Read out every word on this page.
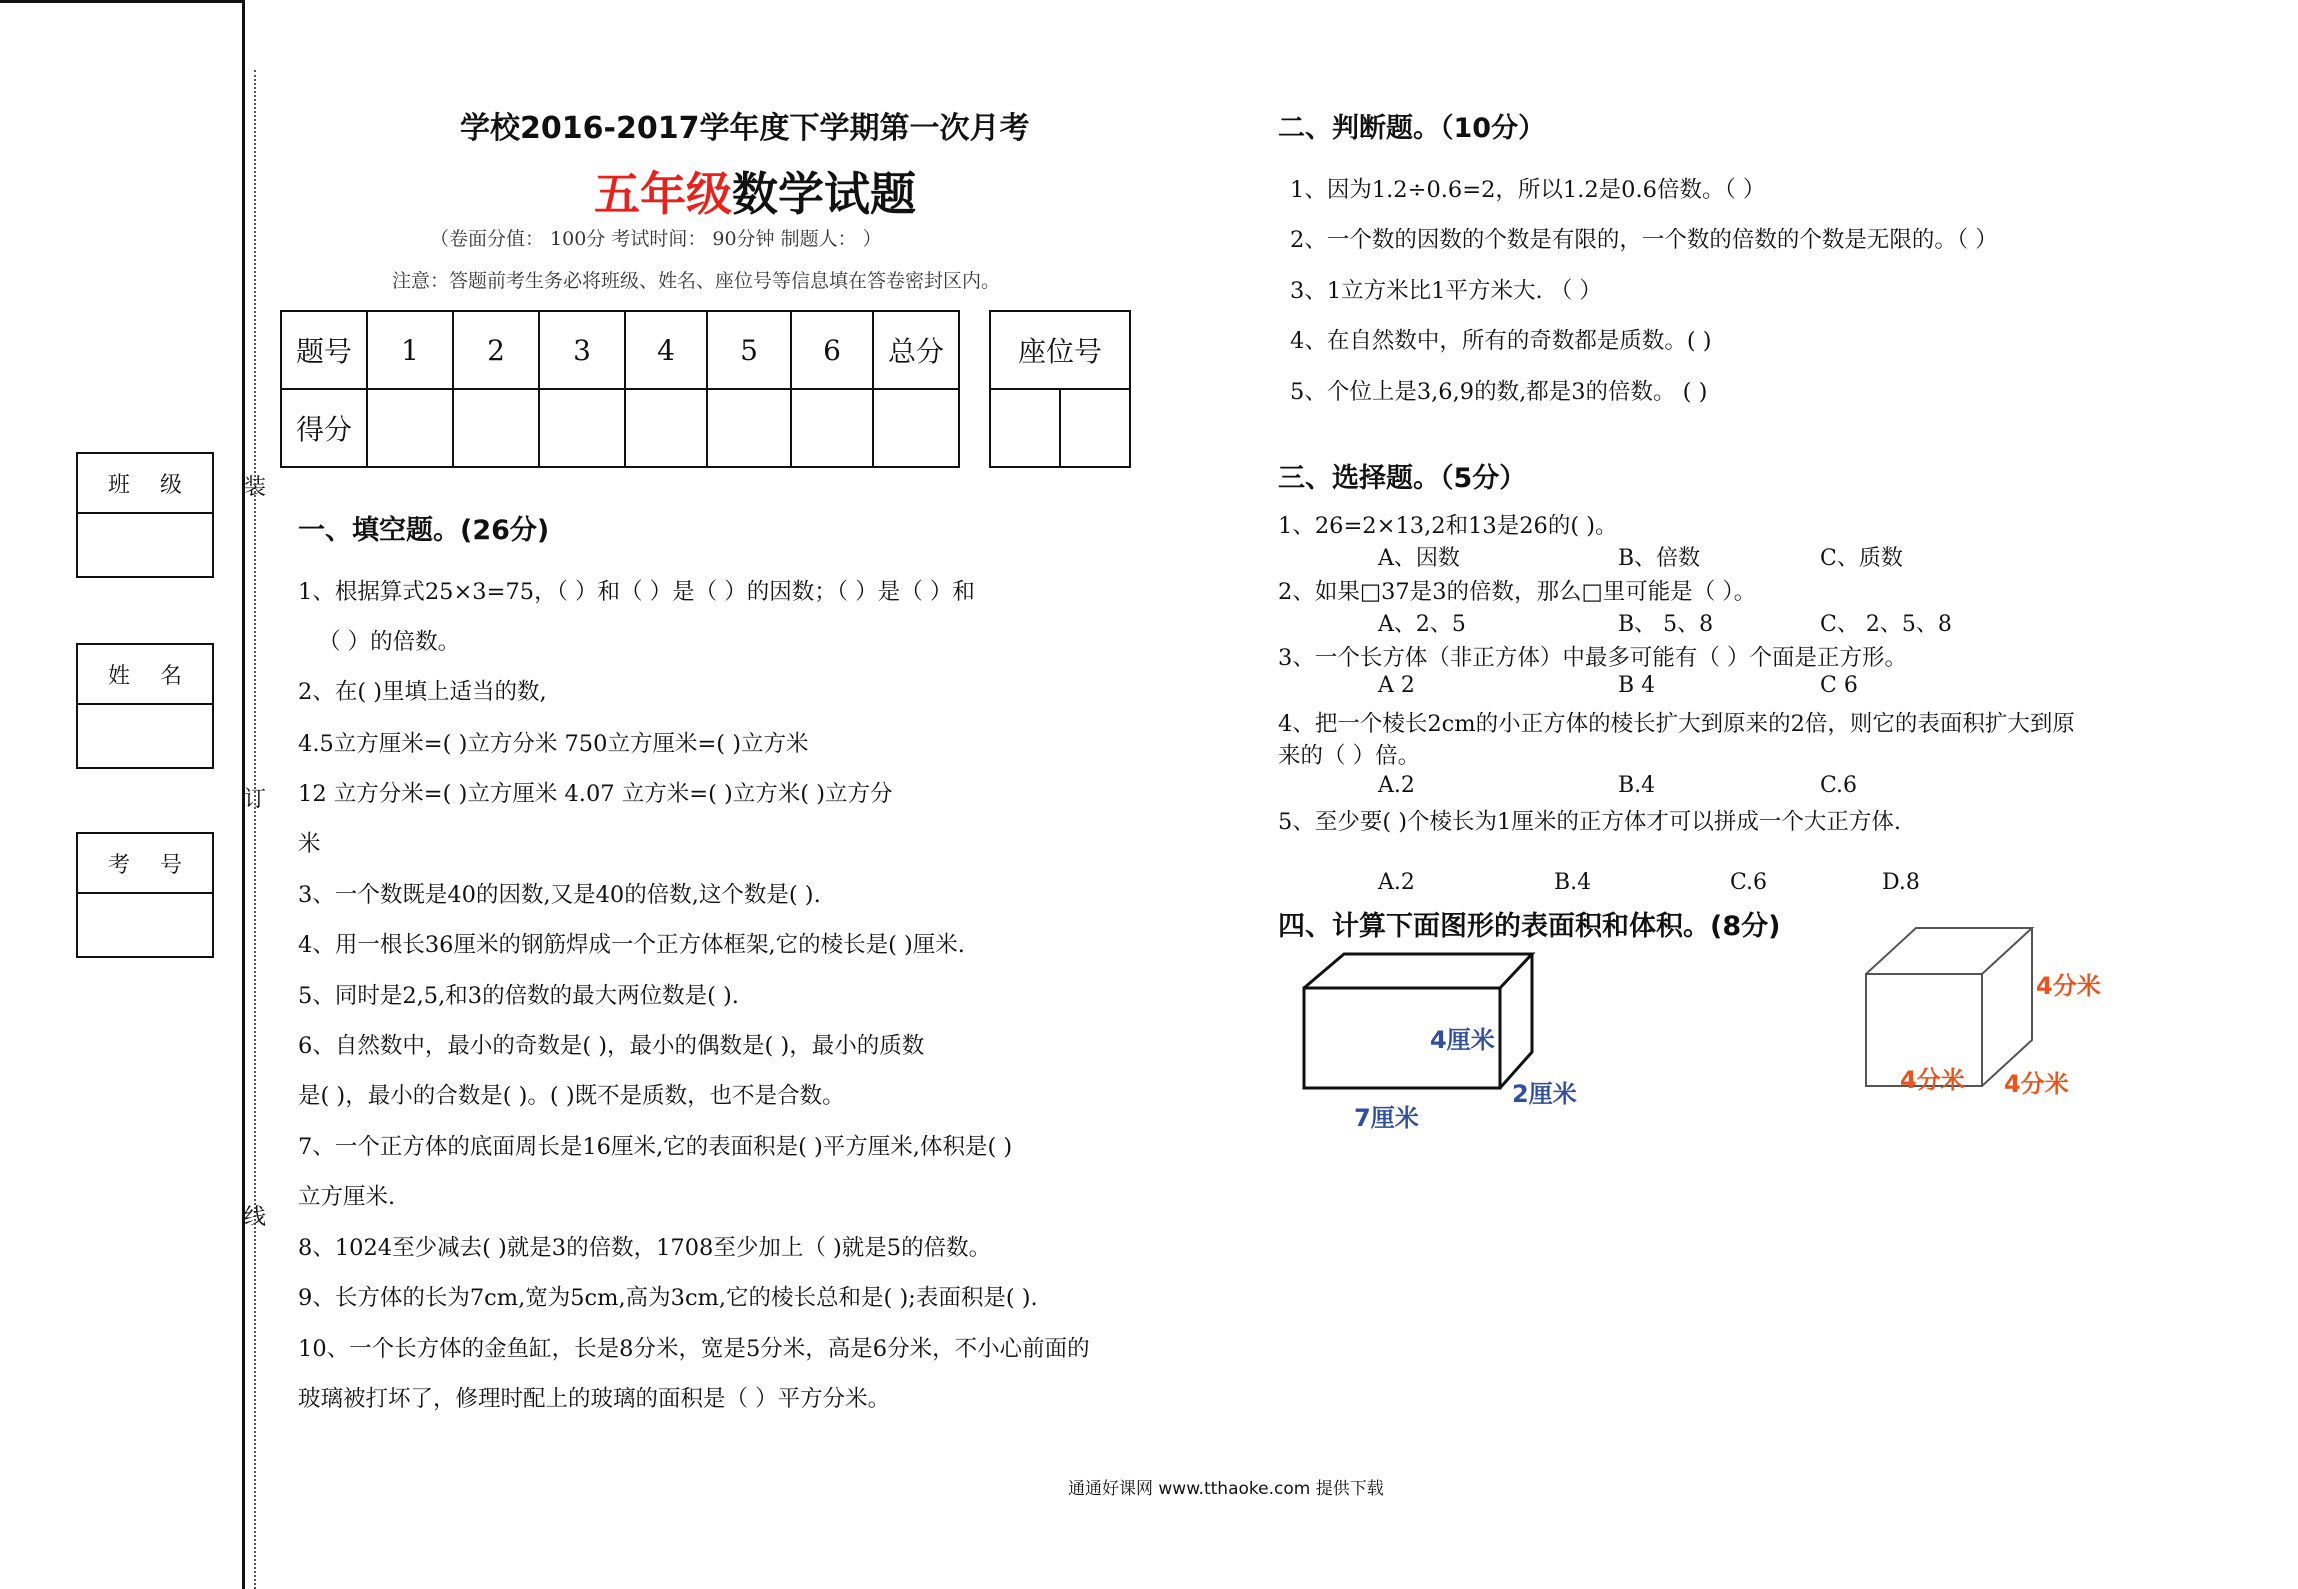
班级
姓名
考号
装
订
线
学校2016-2017学年度下学期第一次月考
五年级数学试题
（卷面分值： 100分 考试时间： 90分钟 制题人： ）
注意：答题前考生务必将班级、姓名、座位号等信息填在答卷密封区内。
题号	1	2	3	4	5	6	总分
得分							
座位号

一、填空题。(26分)
1、根据算式25×3=75，（ ）和（ ）是（ ）的因数；（ ）是（ ）和
（ ）的倍数。
2、在( )里填上适当的数,
4.5立方厘米=( )立方分米 750立方厘米=( )立方米
12 立方分米=( )立方厘米 4.07 立方米=( )立方米( )立方分
米
3、一个数既是40的因数,又是40的倍数,这个数是( ).
4、用一根长36厘米的钢筋焊成一个正方体框架,它的棱长是( )厘米.
5、同时是2,5,和3的倍数的最大两位数是( ).
6、自然数中，最小的奇数是( )，最小的偶数是( )，最小的质数
是( )，最小的合数是( )。( )既不是质数，也不是合数。
7、一个正方体的底面周长是16厘米,它的表面积是( )平方厘米,体积是( )
立方厘米.
8、1024至少减去( )就是3的倍数，1708至少加上（ )就是5的倍数。
9、长方体的长为7cm,宽为5cm,高为3cm,它的棱长总和是( );表面积是( ).
10、一个长方体的金鱼缸，长是8分米，宽是5分米，高是6分米，不小心前面的
玻璃被打坏了，修理时配上的玻璃的面积是（ ）平方分米。
二、判断题。（10分）
1、因为1.2÷0.6=2，所以1.2是0.6倍数。（ ）
2、一个数的因数的个数是有限的，一个数的倍数的个数是无限的。（ ）
3、1立方米比1平方米大. （ ）
4、在自然数中，所有的奇数都是质数。( )
5、个位上是3,6,9的数,都是3的倍数。 ( )
三、选择题。（5分）
1、26=2×13,2和13是26的( )。
A、因数	B、倍数	C、质数
2、如果□37是3的倍数，那么□里可能是（ ）。
A、2、5	B、 5、8	C、 2、5、8
3、一个长方体（非正方体）中最多可能有（ ）个面是正方形。
A 2	B 4	C 6
4、把一个棱长2cm的小正方体的棱长扩大到原来的2倍，则它的表面积扩大到原
来的（ ）倍。
A.2	B.4	C.6
5、至少要( )个棱长为1厘米的正方体才可以拼成一个大正方体.
A.2	B.4	C.6	D.8
四、计算下面图形的表面积和体积。(8分)
4厘米
2厘米
7厘米
4分米
4分米 4分米
通通好课网 www.tthaoke.com 提供下载
